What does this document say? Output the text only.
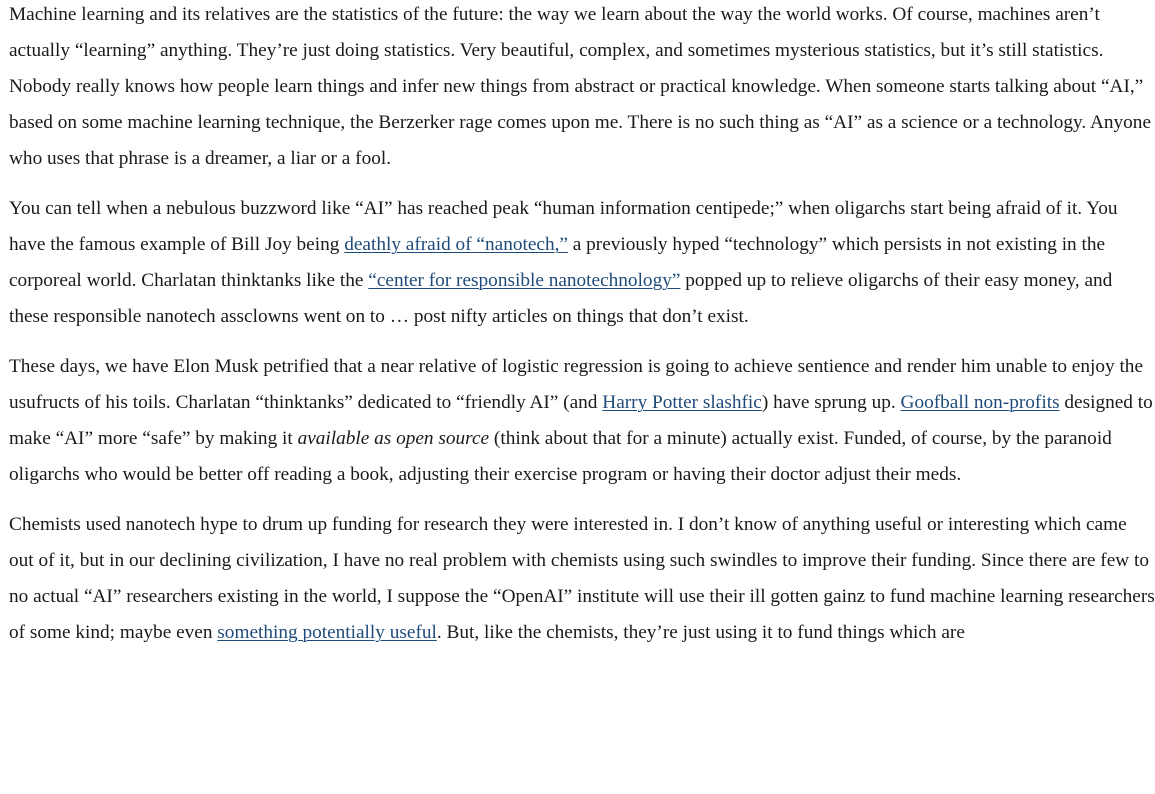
Machine learning and its relatives are the statistics of the future: the way we learn about the way the world works. Of course, machines aren’t actually “learning” anything. They’re just doing statistics. Very beautiful, complex, and sometimes mysterious statistics, but it’s still statistics. Nobody really knows how people learn things and infer new things from abstract or practical knowledge. When someone starts talking about “AI,” based on some machine learning technique, the Berzerker rage comes upon me. There is no such thing as “AI” as a science or a technology. Anyone who uses that phrase is a dreamer, a liar or a fool.

You can tell when a nebulous buzzword like “AI” has reached peak “human information centipede;” when oligarchs start being afraid of it. You have the famous example of Bill Joy being deathly afraid of “nanotech,” a previously hyped “technology” which persists in not existing in the corporeal world. Charlatan thinktanks like the “center for responsible nanotechnology” popped up to relieve oligarchs of their easy money, and these responsible nanotech assclowns went on to … post nifty articles on things that don’t exist.

These days, we have Elon Musk petrified that a near relative of logistic regression is going to achieve sentience and render him unable to enjoy the usufructs of his toils. Charlatan “thinktanks” dedicated to “friendly AI” (and Harry Potter slashfic) have sprung up. Goofball non-profits designed to make “AI” more “safe” by making it available as open source (think about that for a minute) actually exist. Funded, of course, by the paranoid oligarchs who would be better off reading a book, adjusting their exercise program or having their doctor adjust their meds.

Chemists used nanotech hype to drum up funding for research they were interested in. I don’t know of anything useful or interesting which came out of it, but in our declining civilization, I have no real problem with chemists using such swindles to improve their funding. Since there are few to no actual “AI” researchers existing in the world, I suppose the “OpenAI” institute will use their ill gotten gainz to fund machine learning researchers of some kind; maybe even something potentially useful. But, like the chemists, they’re just using it to fund things which are
